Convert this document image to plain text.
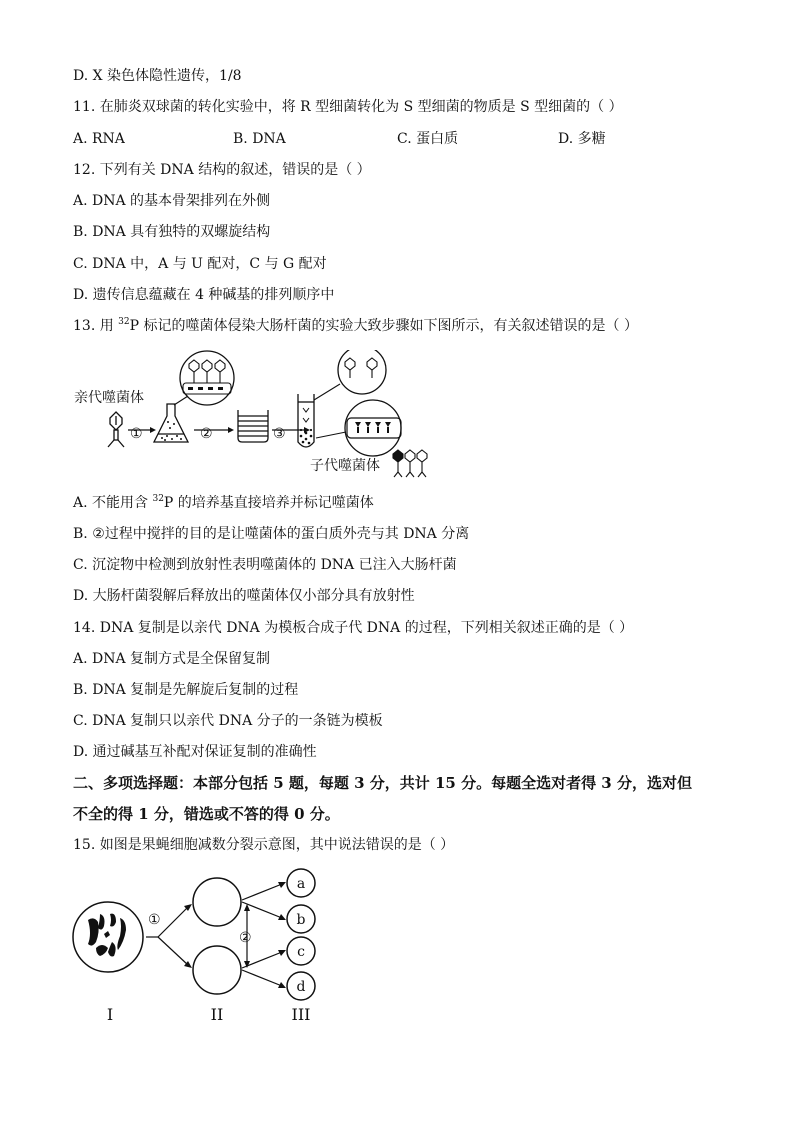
D. X 染色体隐性遗传，1/8
11. 在肺炎双球菌的转化实验中，将 R 型细菌转化为 S 型细菌的物质是 S 型细菌的（ ）
A. RNA	B. DNA	C. 蛋白质	D. 多糖
12. 下列有关 DNA 结构的叙述，错误的是（ ）
A. DNA 的基本骨架排列在外侧
B. DNA 具有独特的双螺旋结构
C. DNA 中，A 与 U 配对，C 与 G 配对
D. 遗传信息蕴藏在 4 种碱基的排列顺序中
13. 用 $^{32}$P 标记的噬菌体侵染大肠杆菌的实验大致步骤如下图所示，有关叙述错误的是（ ）
亲代噬菌体
①	②	③
子代噬菌体
A. 不能用含 $^{32}$P 的培养基直接培养并标记噬菌体
B. ②过程中搅拌的目的是让噬菌体的蛋白质外壳与其 DNA 分离
C. 沉淀物中检测到放射性表明噬菌体的 DNA 已注入大肠杆菌
D. 大肠杆菌裂解后释放出的噬菌体仅小部分具有放射性
14. DNA 复制是以亲代 DNA 为模板合成子代 DNA 的过程，下列相关叙述正确的是（ ）
A. DNA 复制方式是全保留复制
B. DNA 复制是先解旋后复制的过程
C. DNA 复制只以亲代 DNA 分子的一条链为模板
D. 通过碱基互补配对保证复制的准确性
二、多项选择题：本部分包括 5 题，每题 3 分，共计 15 分。每题全选对者得 3 分，选对但
不全的得 1 分，错选或不答的得 0 分。
15. 如图是果蝇细胞减数分裂示意图，其中说法错误的是（ ）
①
②
a
b
c
d
I	II	III
